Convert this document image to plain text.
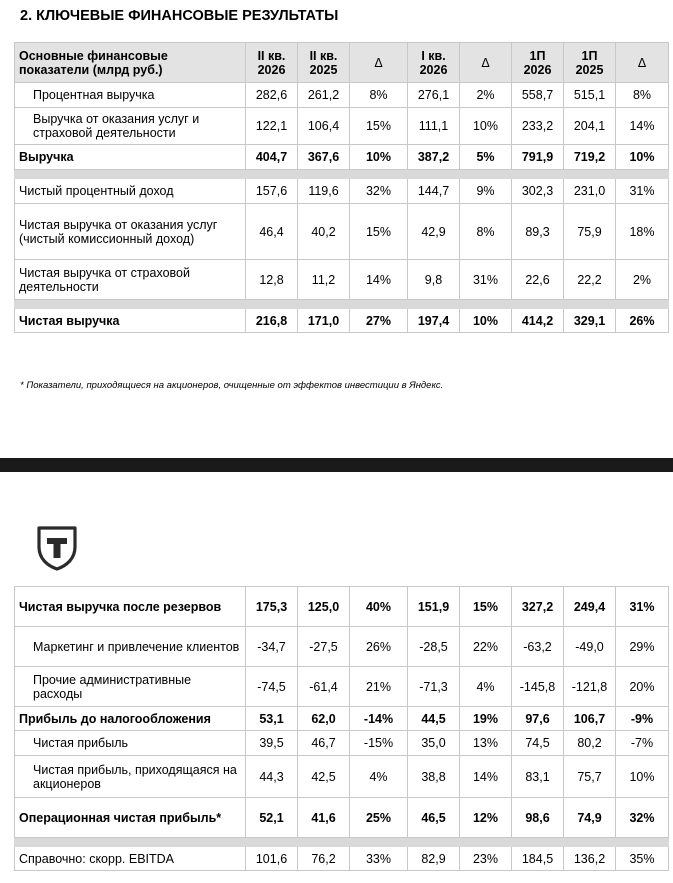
2. КЛЮЧЕВЫЕ ФИНАНСОВЫЕ РЕЗУЛЬТАТЫ
Основные финансовые показатели (млрд руб.)	II кв. 2026	II кв. 2025	Δ	I кв. 2026	Δ	1П 2026	1П 2025	Δ
Процентная выручка	282,6	261,2	8%	276,1	2%	558,7	515,1	8%
Выручка от оказания услуг и страховой деятельности	122,1	106,4	15%	111,1	10%	233,2	204,1	14%
Выручка	404,7	367,6	10%	387,2	5%	791,9	719,2	10%

Чистый процентный доход	157,6	119,6	32%	144,7	9%	302,3	231,0	31%
Чистая выручка от оказания услуг (чистый комиссионный доход)	46,4	40,2	15%	42,9	8%	89,3	75,9	18%
Чистая выручка от страховой деятельности	12,8	11,2	14%	9,8	31%	22,6	22,2	2%

Чистая выручка	216,8	171,0	27%	197,4	10%	414,2	329,1	26%
* Показатели, приходящиеся на акционеров, очищенные от эффектов инвестиции в Яндекс.
Чистая выручка после резервов	175,3	125,0	40%	151,9	15%	327,2	249,4	31%
Маркетинг и привлечение клиентов	-34,7	-27,5	26%	-28,5	22%	-63,2	-49,0	29%
Прочие административные расходы	-74,5	-61,4	21%	-71,3	4%	-145,8	-121,8	20%
Прибыль до налогообложения	53,1	62,0	-14%	44,5	19%	97,6	106,7	-9%
Чистая прибыль	39,5	46,7	-15%	35,0	13%	74,5	80,2	-7%
Чистая прибыль, приходящаяся на акционеров	44,3	42,5	4%	38,8	14%	83,1	75,7	10%
Операционная чистая прибыль*	52,1	41,6	25%	46,5	12%	98,6	74,9	32%

Справочно: скорр. EBITDA	101,6	76,2	33%	82,9	23%	184,5	136,2	35%
